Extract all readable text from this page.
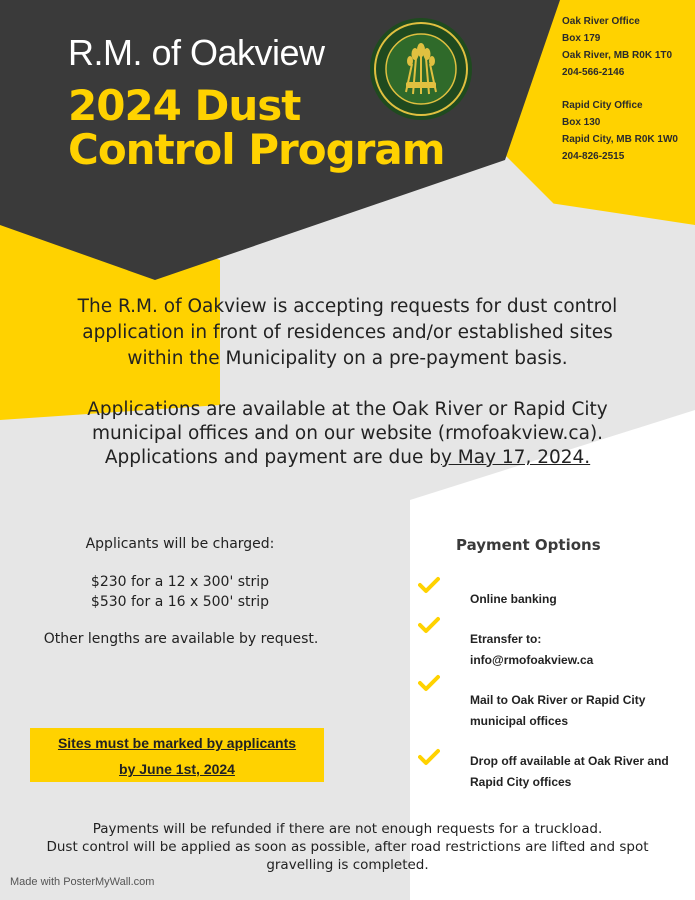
R.M. of Oakview
2024 Dust
Control Program
Oak River Office
Box 179
Oak River, MB R0K 1T0
204-566-2146
Rapid City Office
Box 130
Rapid City, MB R0K 1W0
204-826-2515
The R.M. of Oakview is accepting requests for dust control
application in front of residences and/or established sites
within the Municipality on a pre-payment basis.
Applications are available at the Oak River or Rapid City
municipal offices and on our website (rmofoakview.ca).
Applications and payment are due by May 17, 2024.
Applicants will be charged:
$230 for a 12 x 300' strip
$530 for a 16 x 500' strip
Other lengths are available by request.
Sites must be marked by applicants
by June 1st, 2024
Payment Options
Online banking
Etransfer to:
info@rmofoakview.ca
Mail to Oak River or Rapid City
municipal offices
Drop off available at Oak River and
Rapid City offices
Payments will be refunded if there are not enough requests for a truckload.
Dust control will be applied as soon as possible, after road restrictions are lifted and spot
gravelling is completed.
Made with PosterMyWall.com
